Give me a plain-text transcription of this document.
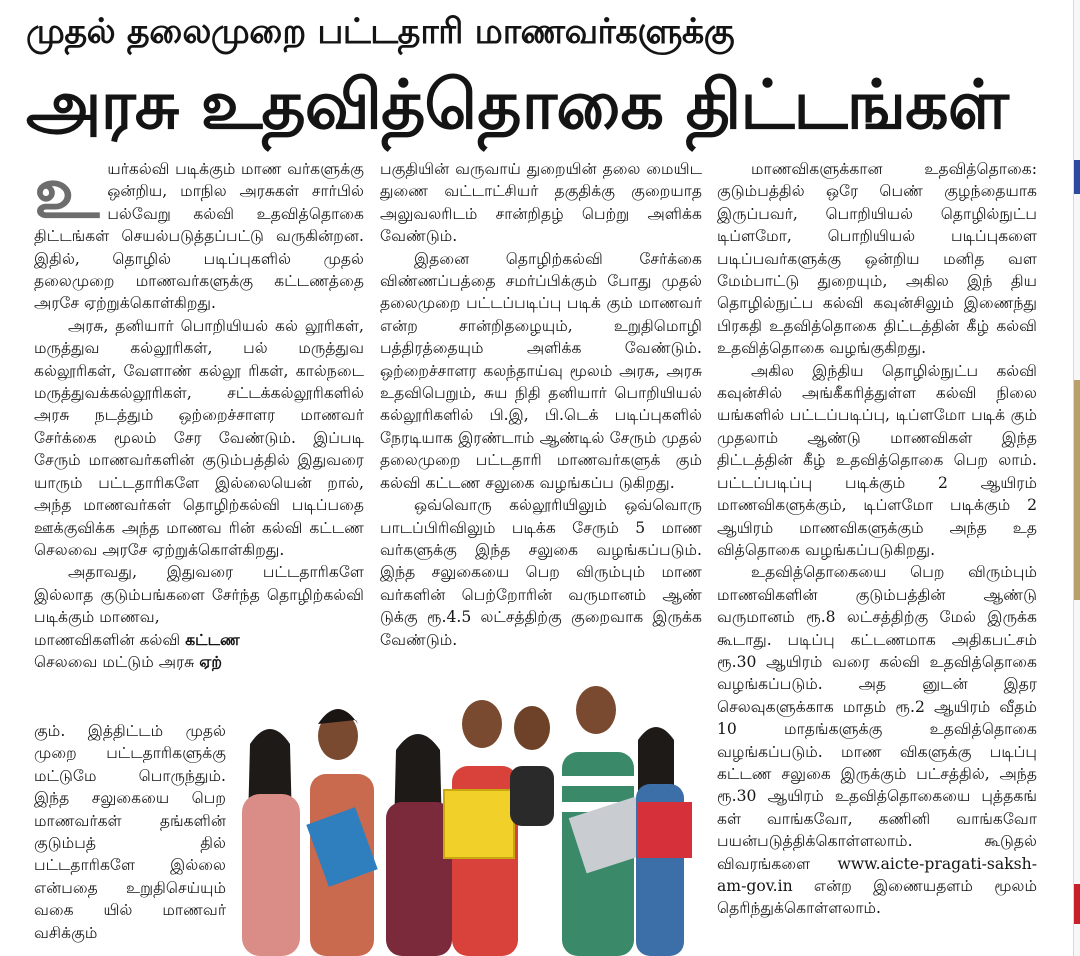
முதல் தலைமுறை பட்டதாரி மாணவர்களுக்கு
அரசு உதவித்தொகை திட்டங்கள்

உ யர்கல்வி படிக்கும் மாண வர்களுக்கு ஒன்றிய, மாநில அரசுகள் சார்பில் பல்வேறு கல்வி உதவித்தொகை திட்டங்கள் செயல்படுத்தப்பட்டு வருகின்றன. இதில், தொழில் படிப்புகளில் முதல் தலைமுறை மாணவர்களுக்கு கட்டணத்தை அரசே ஏற்றுக்கொள்கிறது.

அரசு, தனியார் பொறியியல் கல் லூரிகள், மருத்துவ கல்லூரிகள், பல் மருத்துவ கல்லூரிகள், வேளாண் கல்லூ ரிகள், கால்நடை மருத்துவக்கல்லூரிகள், சட்டக்கல்லூரிகளில் அரசு நடத்தும் ஒற்றைச்சாளர மாணவர் சேர்க்கை மூலம் சேர வேண்டும். இப்படி சேரும் மாணவர்களின் குடும்பத்தில் இதுவரை யாரும் பட்டதாரிகளே இல்லையென் றால், அந்த மாணவர்கள் தொழிற்கல்வி படிப்பதை ஊக்குவிக்க அந்த மாணவ ரின் கல்வி கட்டண செலவை அரசே ஏற்றுக்கொள்கிறது.

அதாவது, இதுவரை பட்டதாரிகளே இல்லாத குடும்பங்களை சேர்ந்த தொழிற்கல்வி படிக்கும் மாணவ,

மாணவிகளின் கல்வி கட்டண

செலவை மட்டும் அரசு ஏற்

கும். இத்திட்டம் முதல் முறை பட்டதாரிகளுக்கு மட்டுமே பொருந்தும். இந்த சலுகையை பெற மாணவர்கள் தங்களின் குடும்பத் தில் பட்டதாரிகளே இல்லை என்பதை உறுதிசெய்யும் வகை யில் மாணவர் வசிக்கும்

பகுதியின் வருவாய் துறையின் தலை மையிட துணை வட்டாட்சியர் தகுதிக்கு குறையாத அலுவலரிடம் சான்றிதழ் பெற்று அளிக்க வேண்டும்.

இதனை தொழிற்கல்வி சேர்க்கை விண்ணப்பத்தை சமர்ப்பிக்கும் போது முதல் தலைமுறை பட்டப்படிப்பு படிக் கும் மாணவர் என்ற சான்றிதழையும், உறுதிமொழி பத்திரத்தையும் அளிக்க வேண்டும். ஒற்றைச்சாளர கலந்தாய்வு மூலம் அரசு, அரசு உதவிபெறும், சுய நிதி தனியார் பொறியியல் கல்லூரிகளில் பி.இ, பி.டெக் படிப்புகளில் நேரடியாக இரண்டாம் ஆண்டில் சேரும் முதல் தலைமுறை பட்டதாரி மாணவர்களுக் கும் கல்வி கட்டண சலுகை வழங்கப்ப டுகிறது.

ஒவ்வொரு கல்லூரியிலும் ஒவ்வொரு பாடப்பிரிவிலும் படிக்க சேரும் 5 மாண வர்களுக்கு இந்த சலுகை வழங்கப்படும். இந்த சலுகையை பெற விரும்பும் மாண வர்களின் பெற்றோரின் வருமானம் ஆண் டுக்கு ரூ.4.5 லட்சத்திற்கு குறைவாக இருக்க வேண்டும்.

மாணவிகளுக்கான உதவித்தொகை: குடும்பத்தில் ஒரே பெண் குழந்தையாக இருப்பவர், பொறியியல் தொழில்நுட்ப டிப்ளமோ, பொறியியல் படிப்புகளை படிப்பவர்களுக்கு ஒன்றிய மனித வள மேம்பாட்டு துறையும், அகில இந் திய தொழில்நுட்ப கல்வி கவுன்சிலும் இணைந்து பிரகதி உதவித்தொகை திட்டத்தின் கீழ் கல்வி உதவித்தொகை வழங்குகிறது.

அகில இந்திய தொழில்நுட்ப கல்வி கவுன்சில் அங்கீகரித்துள்ள கல்வி நிலை யங்களில் பட்டப்படிப்பு, டிப்ளமோ படிக் கும் முதலாம் ஆண்டு மாணவிகள் இந்த திட்டத்தின் கீழ் உதவித்தொகை பெற லாம். பட்டப்படிப்பு படிக்கும் 2 ஆயிரம் மாணவிகளுக்கும், டிப்ளமோ படிக்கும் 2 ஆயிரம் மாணவிகளுக்கும் அந்த உத வித்தொகை வழங்கப்படுகிறது.

உதவித்தொகையை பெற விரும்பும் மாணவிகளின் குடும்பத்தின் ஆண்டு வருமானம் ரூ.8 லட்சத்திற்கு மேல் இருக்க கூடாது. படிப்பு கட்டணமாக அதிகபட்சம் ரூ.30 ஆயிரம் வரை கல்வி உதவித்தொகை வழங்கப்படும். அத னுடன் இதர செலவுகளுக்காக மாதம் ரூ.2 ஆயிரம் வீதம் 10 மாதங்களுக்கு உதவித்தொகை வழங்கப்படும். மாண விகளுக்கு படிப்பு கட்டண சலுகை இருக்கும் பட்சத்தில், அந்த ரூ.30 ஆயிரம் உதவித்தொகையை புத்தகங் கள் வாங்கவோ, கணினி வாங்கவோ பயன்படுத்திக்கொள்ளலாம். கூடுதல் விவரங்களை www.aicte-pragati-saksh- am-gov.in என்ற இணையதளம் மூலம் தெரிந்துக்கொள்ளலாம்.
